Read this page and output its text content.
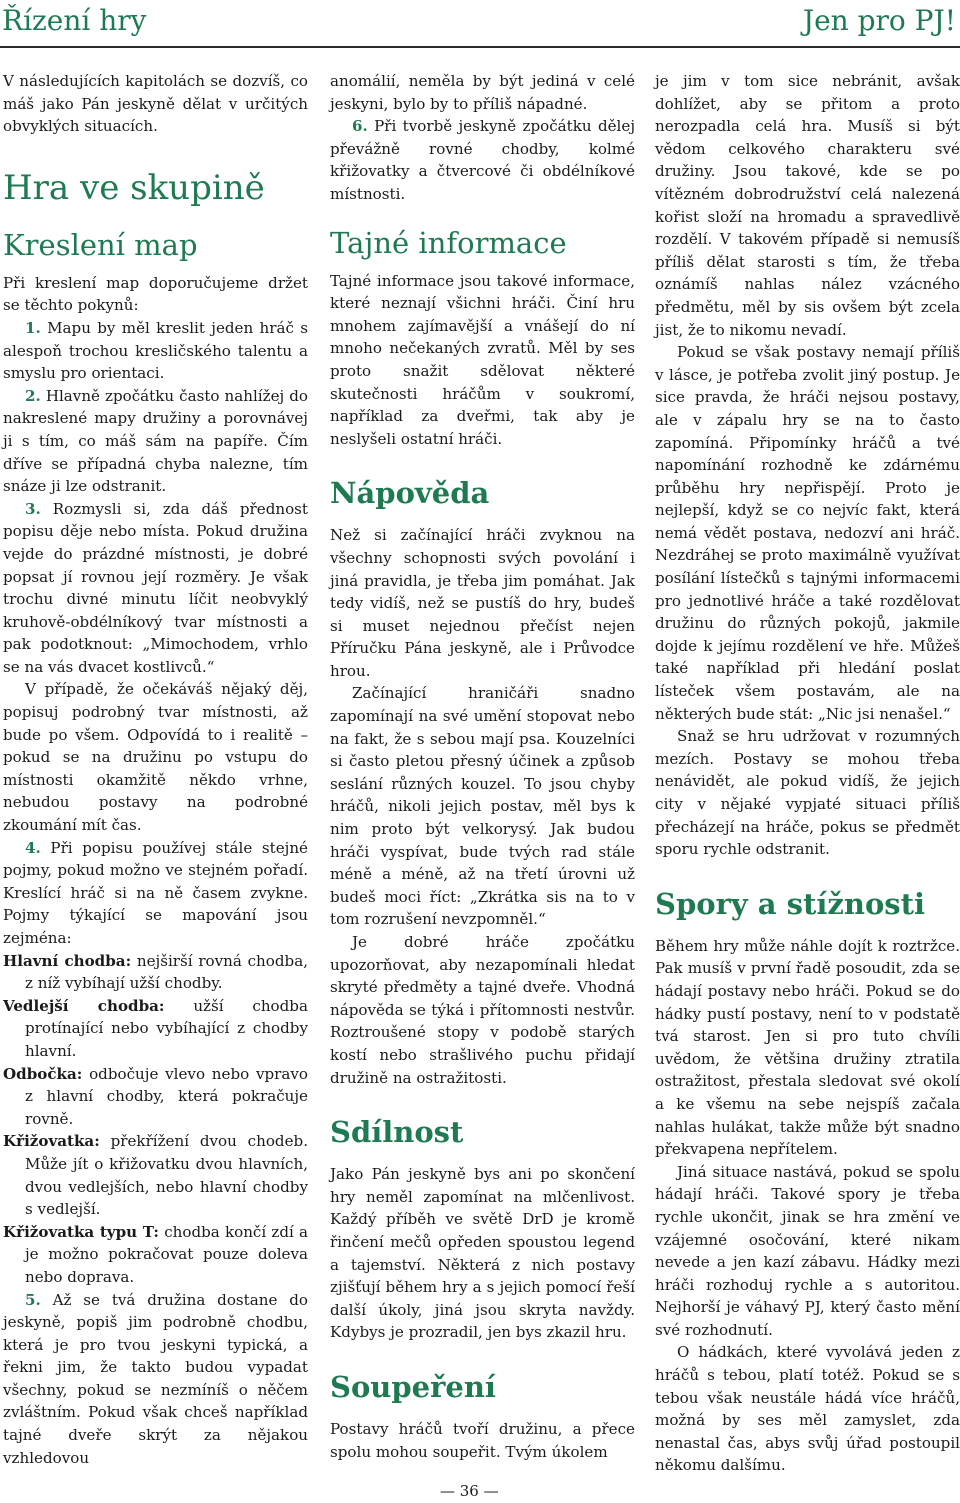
Řízení hry	Jen pro PJ!

V následujících kapitolách se dozvíš, co máš jako Pán jeskyně dělat v určitých obvyklých situacích.

Hra ve skupině
Kreslení map

Při kreslení map doporučujeme držet se těchto pokynů:

1. Mapu by měl kreslit jeden hráč s alespoň trochou kresličského talentu a smyslu pro orientaci.

2. Hlavně zpočátku často nahlížej do nakreslené mapy družiny a porovnávej ji s tím, co máš sám na papíře. Čím dříve se případná chyba nalezne, tím snáze ji lze odstranit.

3. Rozmysli si, zda dáš přednost popisu děje nebo místa. Pokud družina vejde do prázdné místnosti, je dobré popsat jí rovnou její rozměry. Je však trochu divné minutu líčit neobvyklý kruhově-obdélníkový tvar místnosti a pak podotknout: „Mimochodem, vrhlo se na vás dvacet kostlivců.“

V případě, že očekáváš nějaký děj, popisuj podrobný tvar místnosti, až bude po všem. Odpovídá to i realitě – pokud se na družinu po vstupu do místnosti okamžitě někdo vrhne, nebudou postavy na podrobné zkoumání mít čas.

4. Při popisu používej stále stejné pojmy, pokud možno ve stejném pořadí. Kreslící hráč si na ně časem zvykne. Pojmy týkající se mapování jsou zejména:

Hlavní chodba: nejširší rovná chodba, z níž vybíhají užší chodby.

Vedlejší chodba: užší chodba protínající nebo vybíhající z chodby hlavní.

Odbočka: odbočuje vlevo nebo vpravo z hlavní chodby, která pokračuje rovně.

Křižovatka: překřížení dvou chodeb. Může jít o křižovatku dvou hlavních, dvou vedlejších, nebo hlavní chodby s vedlejší.

Křižovatka typu T: chodba končí zdí a je možno pokračovat pouze doleva nebo doprava.

5. Až se tvá družina dostane do jeskyně, popiš jim podrobně chodbu, která je pro tvou jeskyni typická, a řekni jim, že takto budou vypadat všechny, pokud se nezmíníš o něčem zvláštním. Pokud však chceš například tajné dveře skrýt za nějakou vzhledovou

anomálií, neměla by být jediná v celé jeskyni, bylo by to příliš nápadné.

6. Při tvorbě jeskyně zpočátku dělej převážně rovné chodby, kolmé křižovatky a čtvercové či obdélníkové místnosti.

Tajné informace

Tajné informace jsou takové informace, které neznají všichni hráči. Činí hru mnohem zajímavější a vnášejí do ní mnoho nečekaných zvratů. Měl by ses proto snažit sdělovat některé skutečnosti hráčům v soukromí, například za dveřmi, tak aby je neslyšeli ostatní hráči.

Nápověda

Než si začínající hráči zvyknou na všechny schopnosti svých povolání i jiná pravidla, je třeba jim pomáhat. Jak tedy vidíš, než se pustíš do hry, budeš si muset nejednou přečíst nejen Příručku Pána jeskyně, ale i Průvodce hrou.

Začínající hraničáři snadno zapomínají na své umění stopovat nebo na fakt, že s sebou mají psa. Kouzelníci si často pletou přesný účinek a způsob seslání různých kouzel. To jsou chyby hráčů, nikoli jejich postav, měl bys k nim proto být velkorysý. Jak budou hráči vyspívat, bude tvých rad stále méně a méně, až na třetí úrovni už budeš moci říct: „Zkrátka sis na to v tom rozrušení nevzpomněl.“

Je dobré hráče zpočátku upozorňovat, aby nezapomínali hledat skryté předměty a tajné dveře. Vhodná nápověda se týká i přítomnosti nestvůr. Roztroušené stopy v podobě starých kostí nebo strašlivého puchu přidají družině na ostražitosti.

Sdílnost

Jako Pán jeskyně bys ani po skončení hry neměl zapomínat na mlčenlivost. Každý příběh ve světě DrD je kromě řinčení mečů opředen spoustou legend a tajemství. Některá z nich postavy zjišťují během hry a s jejich pomocí řeší další úkoly, jiná jsou skryta navždy. Kdybys je prozradil, jen bys zkazil hru.

Soupeření

Postavy hráčů tvoří družinu, a přece spolu mohou soupeřit. Tvým úkolem

je jim v tom sice nebránit, avšak dohlížet, aby se přitom a proto nerozpadla celá hra. Musíš si být vědom celkového charakteru své družiny. Jsou takové, kde se po vítězném dobrodružství celá nalezená kořist složí na hromadu a spravedlivě rozdělí. V takovém případě si nemusíš příliš dělat starosti s tím, že třeba oznámíš nahlas nález vzácného předmětu, měl by sis ovšem být zcela jist, že to nikomu nevadí.

Pokud se však postavy nemají příliš v lásce, je potřeba zvolit jiný postup. Je sice pravda, že hráči nejsou postavy, ale v zápalu hry se na to často zapomíná. Připomínky hráčů a tvé napomínání rozhodně ke zdárnému průběhu hry nepřispějí. Proto je nejlepší, když se co nejvíc fakt, která nemá vědět postava, nedozví ani hráč. Nezdráhej se proto maximálně využívat posílání lístečků s tajnými informacemi pro jednotlivé hráče a také rozdělovat družinu do různých pokojů, jakmile dojde k jejímu rozdělení ve hře. Můžeš také například při hledání poslat lísteček všem postavám, ale na některých bude stát: „Nic jsi nenašel.“

Snaž se hru udržovat v rozumných mezích. Postavy se mohou třeba nenávidět, ale pokud vidíš, že jejich city v nějaké vypjaté situaci příliš přecházejí na hráče, pokus se předmět sporu rychle odstranit.

Spory a stížnosti

Během hry může náhle dojít k roztržce. Pak musíš v první řadě posoudit, zda se hádají postavy nebo hráči. Pokud se do hádky pustí postavy, není to v podstatě tvá starost. Jen si pro tuto chvíli uvědom, že většina družiny ztratila ostražitost, přestala sledovat své okolí a ke všemu na sebe nejspíš začala nahlas hulákat, takže může být snadno překvapena nepřítelem.

Jiná situace nastává, pokud se spolu hádají hráči. Takové spory je třeba rychle ukončit, jinak se hra změní ve vzájemné osočování, které nikam nevede a jen kazí zábavu. Hádky mezi hráči rozhoduj rychle a s autoritou. Nejhorší je váhavý PJ, který často mění své rozhodnutí.

O hádkách, které vyvolává jeden z hráčů s tebou, platí totéž. Pokud se s tebou však neustále hádá více hráčů, možná by ses měl zamyslet, zda nenastal čas, abys svůj úřad postoupil někomu dalšímu.

— 36 —
